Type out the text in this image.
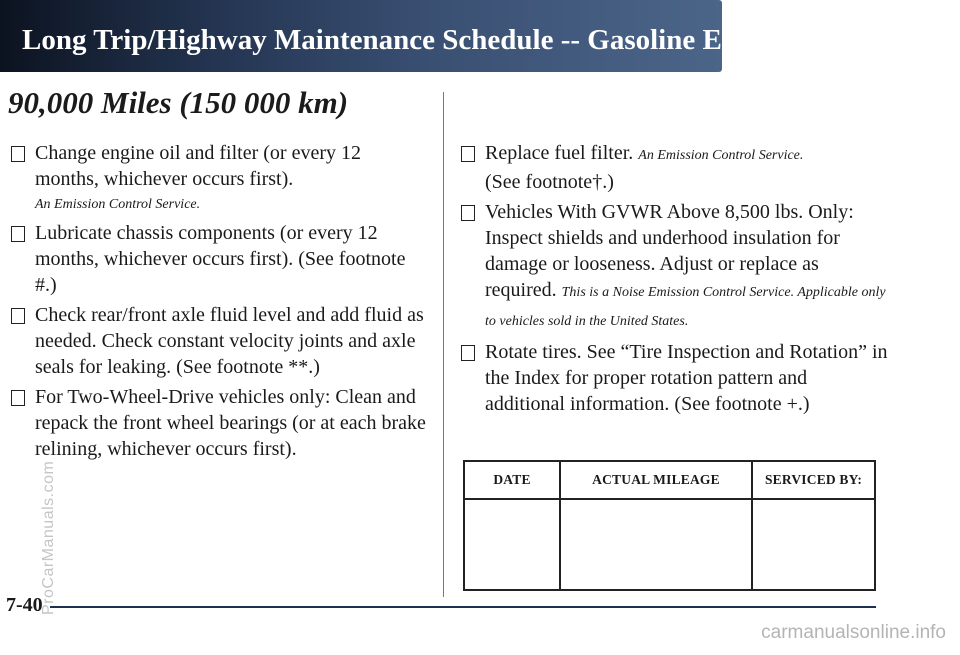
Long Trip/Highway Maintenance Schedule -- Gasoline Engines
90,000 Miles (150 000 km)
Change engine oil and filter (or every 12 months, whichever occurs first).
An Emission Control Service.
Lubricate chassis components (or every 12 months, whichever occurs first). (See footnote #.)
Check rear/front axle fluid level and add fluid as needed. Check constant velocity joints and axle seals for leaking. (See footnote **.)
For Two-Wheel-Drive vehicles only: Clean and repack the front wheel bearings (or at each brake relining, whichever occurs first).
Replace fuel filter. An Emission Control Service.
(See footnote†.)
Vehicles With GVWR Above 8,500 lbs. Only: Inspect shields and underhood insulation for damage or looseness. Adjust or replace as required. This is a Noise Emission Control Service. Applicable only to vehicles sold in the United States.
Rotate tires. See “Tire Inspection and Rotation” in the Index for proper rotation pattern and additional information. (See footnote +.)
DATE	ACTUAL MILEAGE	SERVICED BY:

7-40
ProCarManuals.com
carmanualsonline.info
